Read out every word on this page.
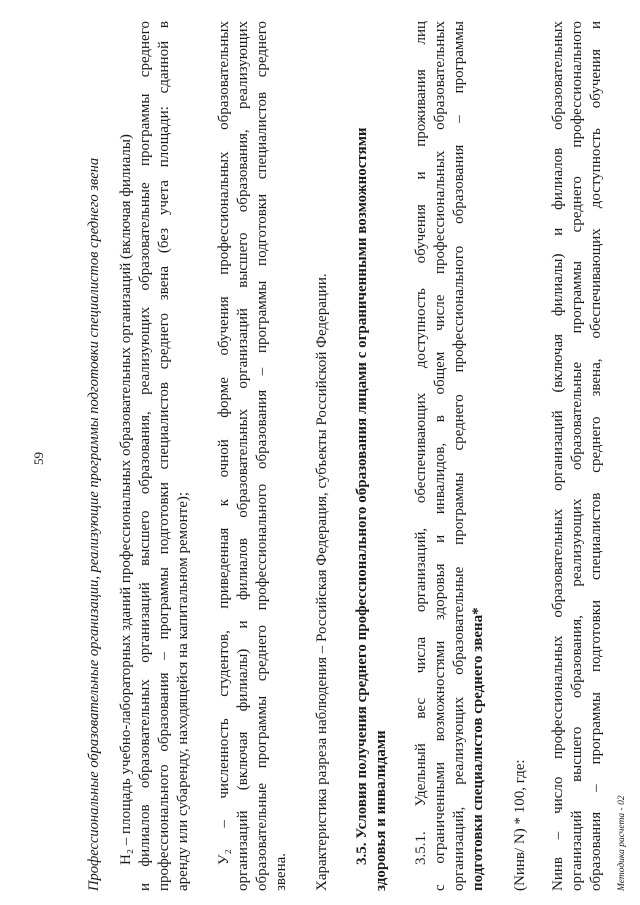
59	Профессиональные образовательные организации, реализующие программы подготовки специалистов среднего звена Н₂ – площадь учебно-лабораторных зданий профессиональных образовательных организаций (включая филиалы) и филиалов образовательных организаций высшего образования, реализующих образовательные программы среднего профессионального образования – программы подготовки специалистов среднего звена (без учета площади: сданной в аренду или субаренду, находящейся на капитальном ремонте); У₂ – численность студентов, приведенная к очной форме обучения профессиональных образовательных организаций (включая филиалы) и филиалов образовательных организаций высшего образования, реализующих образовательные программы среднего профессионального образования – программы подготовки специалистов среднего звена. Характеристика разреза наблюдения – Российская Федерация, субъекты Российской Федерации. 3.5. Условия получения среднего профессионального образования лицами с ограниченными возможностями здоровья и инвалидами 3.5.1. Удельный вес числа организаций, обеспечивающих доступность обучения и проживания лиц с ограниченными возможностями здоровья и инвалидов, в общем числе профессиональных образовательных организаций, реализующих образовательные программы среднего профессионального образования – программы подготовки специалистов среднего звена* (Nинв/ N) * 100, где: Nинв – число профессиональных образовательных организаций (включая филиалы) и филиалов образовательных организаций высшего образования, реализующих образовательные программы среднего профессионального образования – программы подготовки специалистов среднего звена, обеспечивающих доступность обучения и	Методика расчета - 02
